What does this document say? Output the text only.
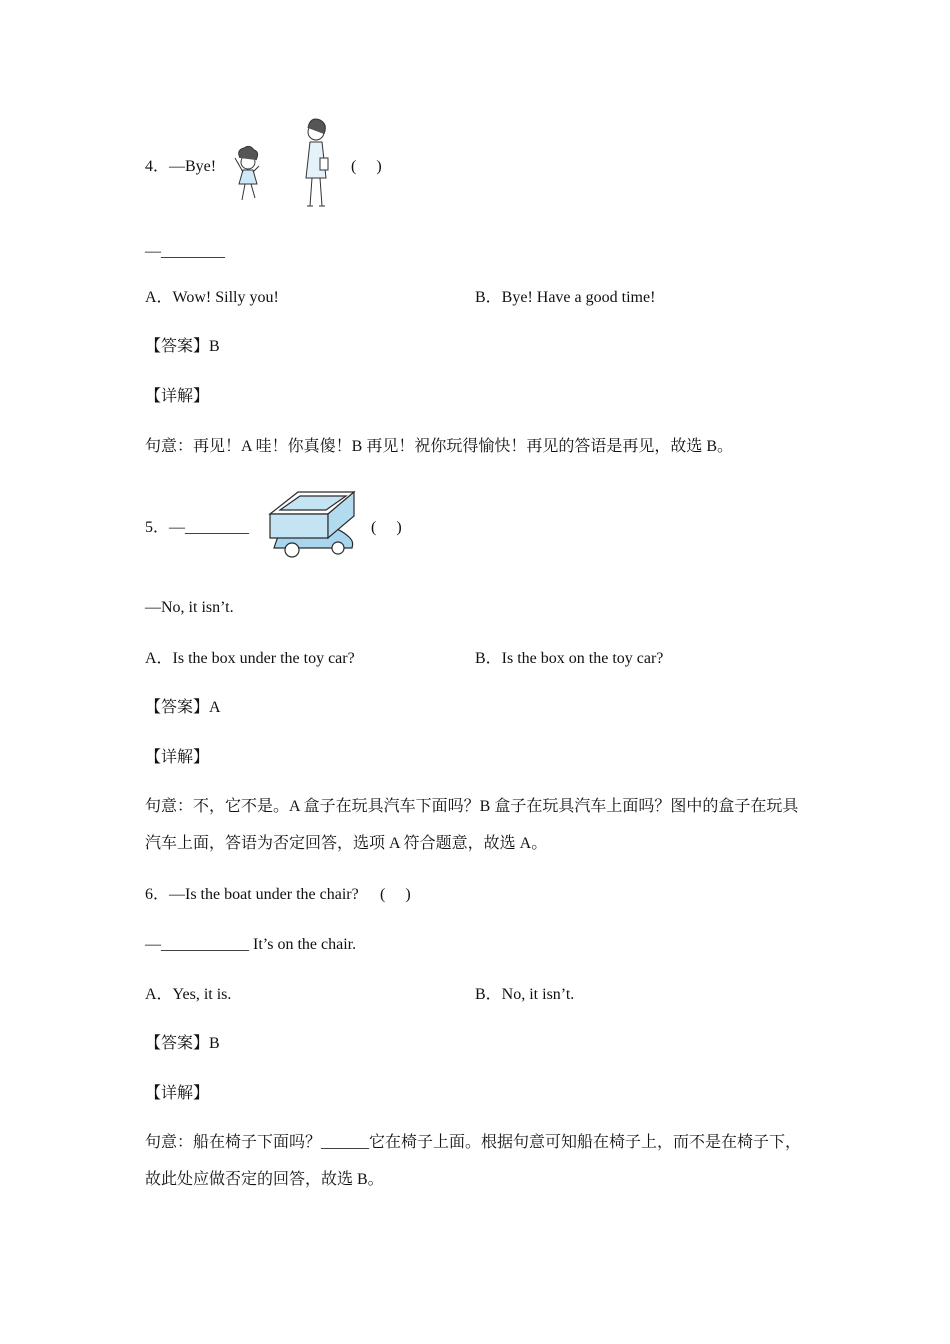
4．—Bye!	(     )
—________
A．Wow! Silly you!	B．Bye! Have a good time!
【答案】B
【详解】
句意：再见！A 哇！你真傻！B 再见！祝你玩得愉快！再见的答语是再见，故选 B。
5．—________	(     )
—No, it isn’t.
A．Is the box under the toy car?	B．Is the box on the toy car?
【答案】A
【详解】
句意：不，它不是。A 盒子在玩具汽车下面吗？B 盒子在玩具汽车上面吗？图中的盒子在玩具汽车上面，答语为否定回答，选项 A 符合题意，故选 A。
6．—Is the boat under the chair? (     )
—___________ It’s on the chair.
A．Yes, it is.	B．No, it isn’t.
【答案】B
【详解】
句意：船在椅子下面吗？______它在椅子上面。根据句意可知船在椅子上，而不是在椅子下，故此处应做否定的回答，故选 B。
